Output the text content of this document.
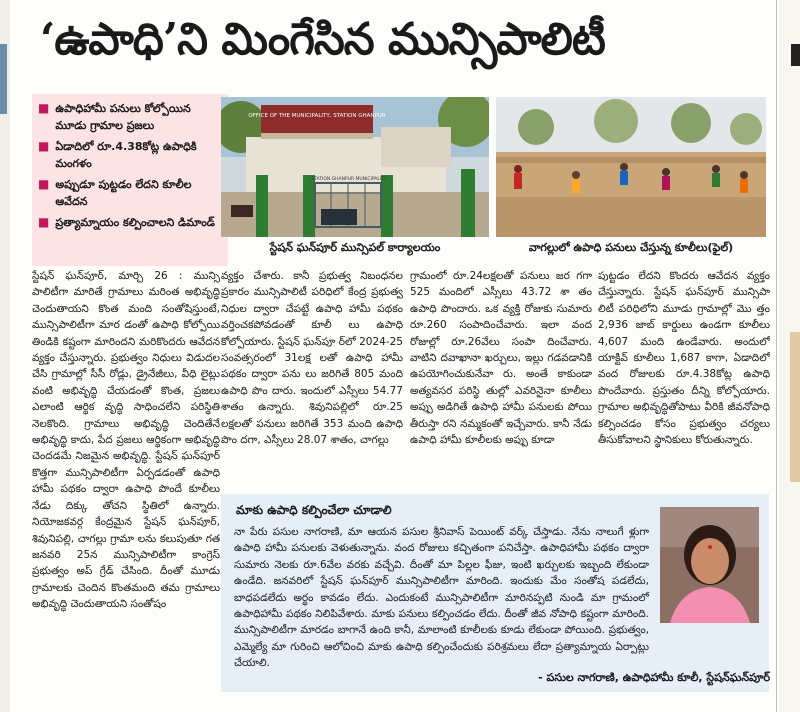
‘ఉపాధి’ని మింగేసిన మున్సిపాలిటీ
■ ఉపాధిహామీ పనులు కోల్పోయిన మూడు గ్రామాల ప్రజలు
■ ఏడాదిలో రూ.4.38కోట్ల ఉపాధికి మంగళం
■ అప్పుడూ పుట్టడం లేదని కూలీల ఆవేదన
■ ప్రత్యామ్నాయం కల్పించాలని డిమాండ్
OFFICE OF THE MUNICIPALITY, STATION GHANPUR
STATION GHANPUR MUNICIPALITY
స్టేషన్ ఘన్‌పూర్ మున్సిపల్ కార్యాలయం	వాగల్లులో ఉపాధి పనులు చేస్తున్న కూలీలు(ఫైల్)

స్టేషన్ ఘన్‌పూర్, మార్చి 26 : మున్సి పాలిటీగా మారితే గ్రామాలు మరింత అభివృద్ధి చెందుతాయని కొంత మంది సంతోషిస్తుంటే, మున్సిపాలిటీగా మార డంతో ఉపాధి కోల్పోయి తిండికి కష్టంగా మారిందని మరికొందరు ఆవేదన వ్యక్తం చేస్తున్నారు. ప్రభుత్వం నిధులు విడుదల చేసి గ్రామాల్లో సీసీ రోడ్లు, డ్రైనేజీలు, వీధి లైట్లు వంటి అభివృద్ధి చేయడంతో కొంత, ప్రజలు ఎలాంటి ఆర్థిక వృద్ధి సాధించలేని పరిస్థితి నెలకొంది. గ్రామాలు అభివృద్ధి చెందితేనే అభివృద్ధి కాదు, పేద ప్రజలు ఆర్థికంగా అభివృద్ధి చెందడమే నిజమైన అభివృద్ధి. స్టేషన్ ఘన్‌పూర్ కొత్తగా మున్సిపాలిటీగా ఏర్పడడంతో ఉపాధి హామీ పథకం ద్వారా ఉపాధి పొందే కూలీలు నేడు దిక్కు తోచని స్థితిలో ఉన్నారు. నియోజకవర్గ కేంద్రమైన స్టేషన్ ఘన్‌పూర్, శివునిపల్లి, చాగల్లు గ్రామా లను కలుపుతూ గత జనవరి 25న మున్సిపాలిటీగా కాంగ్రెస్ ప్రభుత్వం అప్ గ్రేడ్ చేసింది. దీంతో మూడు గ్రామాలకు చెందిన కొంతమంది తమ గ్రామాలు అభివృద్ధి చెందుతాయని సంతోషం

వ్యక్తం చేశారు. కానీ ప్రభుత్వ నిబంధనల ప్రకారం మున్సిపాలిటీ పరిధిలో కేంద్ర ప్రభుత్వ నిధుల ద్వారా చేపట్టే ఉపాధి హామీ పథకం వర్తించకపోవడంతో కూలీ లు ఉపాధి కోల్పోయారు. స్టేషన్ ఘన్‌పూ ర్‌లో 2024-25 సంవత్సరంలో 31లక్ష లతో ఉపాధి హామీ పథకం ద్వారా పను లు జరిగితే 805 మంది ఉపాధి పొం దారు. ఇందులో ఎస్సీలు 54.77 శాతం ఉన్నారు. శివునిపల్లిలో రూ.25 లక్షలతో పనులు జరిగితే 353 మంది ఉపాధి పొం దగా, ఎస్సీలు 28.07 శాతం, చాగల్లు

గ్రామంలో రూ.24లక్షలతో పనులు జర గగా 525 మందిలో ఎస్సీలు 43.72 శా తం ఉపాధి పొందారు. ఒక వ్యక్తి రోజుకు సుమారు రూ.260 సంపాదించేవారు. ఇలా వంద రోజుల్లో రూ.26వేలు సంపా దించేవారు. వాటిని దవాఖానా ఖర్చులు, ఇల్లు గడవడానికి ఉపయోగించుకునేవా రు. అంతే కాకుండా అత్యవసర పరిస్థి తుల్లో ఎవరినైనా కూలీలు అప్పు అడిగితే ఉపాధి హామీ పనులకు పోయి తీరుస్తా రని నమ్మకంతో ఇచ్చేవారు. కానీ నేడు ఉపాధి హామీ కూలీలకు అప్పు కూడా

పుట్టడం లేదని కొందరు ఆవేదన వ్యక్తం చేస్తున్నారు. స్టేషన్ ఘన్‌పూర్ మున్సిపా లిటీ పరిధిలోని మూడు గ్రామాల్లో మొ త్తం 2,936 జాబ్ కార్డులు ఉండగా కూలీలు 4,607 మంది ఉండేవారు. అందులో యాక్టివ్ కూలీలు 1,687 కాగా, ఏడాదిలో వంద రోజులకు రూ.4.38కోట్ల ఉపాధి పొందేవారు. ప్రస్తుతం దీన్ని కోల్పోయారు. గ్రామాల అభివృద్ధితోపాటు వీరికి జీవనోపాధి కల్పించడం కోసం ప్రభుత్వం చర్యలు తీసుకోవాలని స్థానికులు కోరుతున్నారు.

మాకు ఉపాధి కల్పించేలా చూడాలి
నా పేరు పసుల నాగరాణి, మా ఆయన పసుల శ్రీనివాస్ పెయింట్ వర్క్ చేస్తాడు. నేను నాలుగే ళ్లుగా ఉపాధి హామీ పనులకు వెళుతున్నాను. వంద రోజులు కచ్చితంగా పనిచేస్తా. ఉపాధిహామీ పథకం ద్వారా సుమారు నెలకు రూ.6వేల వరకు వచ్చేవి. దీంతో మా పిల్లల ఫీజు, ఇంటి ఖర్చులకు ఇబ్బంది లేకుండా ఉండేది. జనవరిలో స్టేషన్ ఘన్‌పూర్ మున్సిపాలిటీగా మారింది. ఇందుకు మేం సంతోష పడలేదు, బాధపడలేదు అర్థం కావడం లేదు. ఎందుకంటే మున్సిపాలిటీగా మారినప్పటి నుండి మా గ్రామంలో ఉపాధిహామీ పథకం నిలిపివేశారు. మాకు పనులు కల్పించడం లేదు. దీంతో జీవ నోపాధి కష్టంగా మారింది. మున్సిపాలిటీగా మారడం బాగానే ఉంది కానీ, మాలాంటి కూలీలకు కూడు లేకుండా పోయింది. ప్రభుత్వం, ఎమ్మెల్యే మా గురించి ఆలోచించి మాకు ఉపాధి కల్పించేందుకు పరిశ్రమలు లేదా ప్రత్యామ్నాయ ఏర్పాట్లు చేయాలి.
- పసుల నాగరాణి, ఉపాధిహామీ కూలీ, స్టేషన్‌ఘన్‌పూర్
